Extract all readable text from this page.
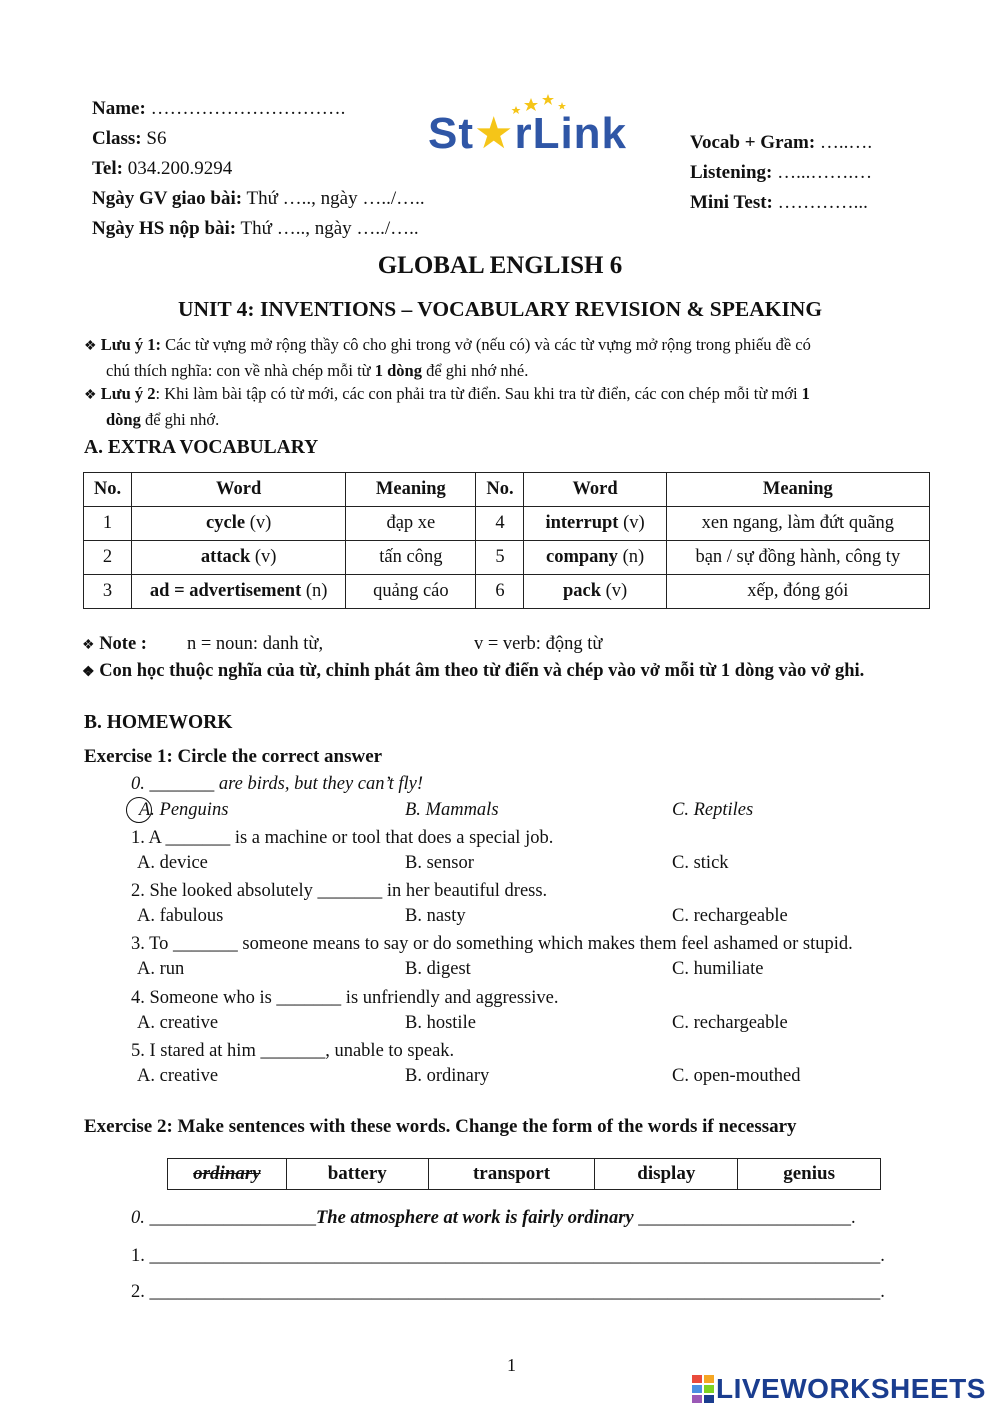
Name: ………………………….
Class: S6
Tel: 034.200.9294
Ngày GV giao bài: Thứ ….., ngày …../…..
Ngày HS nộp bài: Thứ ….., ngày …../…..
St★rLink	Vocab + Gram: …..….
Listening: …...…….…
Mini Test: …………...
GLOBAL ENGLISH 6
UNIT 4: INVENTIONS – VOCABULARY REVISION & SPEAKING
❖ Lưu ý 1: Các từ vựng mở rộng thầy cô cho ghi trong vở (nếu có) và các từ vựng mở rộng trong phiếu đề có
chú thích nghĩa: con về nhà chép mỗi từ 1 dòng để ghi nhớ nhé.
❖ Lưu ý 2: Khi làm bài tập có từ mới, các con phải tra từ điển. Sau khi tra từ điển, các con chép mỗi từ mới 1
dòng để ghi nhớ.
A. EXTRA VOCABULARY
No.	Word	Meaning	No.	Word	Meaning
1	cycle (v)	đạp xe	4	interrupt (v)	xen ngang, làm đứt quãng
2	attack (v)	tấn công	5	company (n)	bạn / sự đồng hành, công ty
3	ad = advertisement (n)	quảng cáo	6	pack (v)	xếp, đóng gói
❖ Note : n = noun: danh từ,	v = verb: động từ
❖ Con học thuộc nghĩa của từ, chỉnh phát âm theo từ điển và chép vào vở mỗi từ 1 dòng vào vở ghi.
B. HOMEWORK
Exercise 1: Circle the correct answer
0. _______ are birds, but they can’t fly!
A. Penguins	B. Mammals	C. Reptiles
1. A _______ is a machine or tool that does a special job.
A. device	B. sensor	C. stick
2. She looked absolutely _______ in her beautiful dress.
A. fabulous	B. nasty	C. rechargeable
3. To _______ someone means to say or do something which makes them feel ashamed or stupid.
A. run	B. digest	C. humiliate
4. Someone who is _______ is unfriendly and aggressive.
A. creative	B. hostile	C. rechargeable
5. I stared at him _______, unable to speak.
A. creative	B. ordinary	C. open-mouthed
Exercise 2: Make sentences with these words. Change the form of the words if necessary
ordinary	battery	transport	display	genius
0. __________________The atmosphere at work is fairly ordinary _______________________.
1. _______________________________________________________________________________.
2. _______________________________________________________________________________.
1
LIVEWORKSHEETS
